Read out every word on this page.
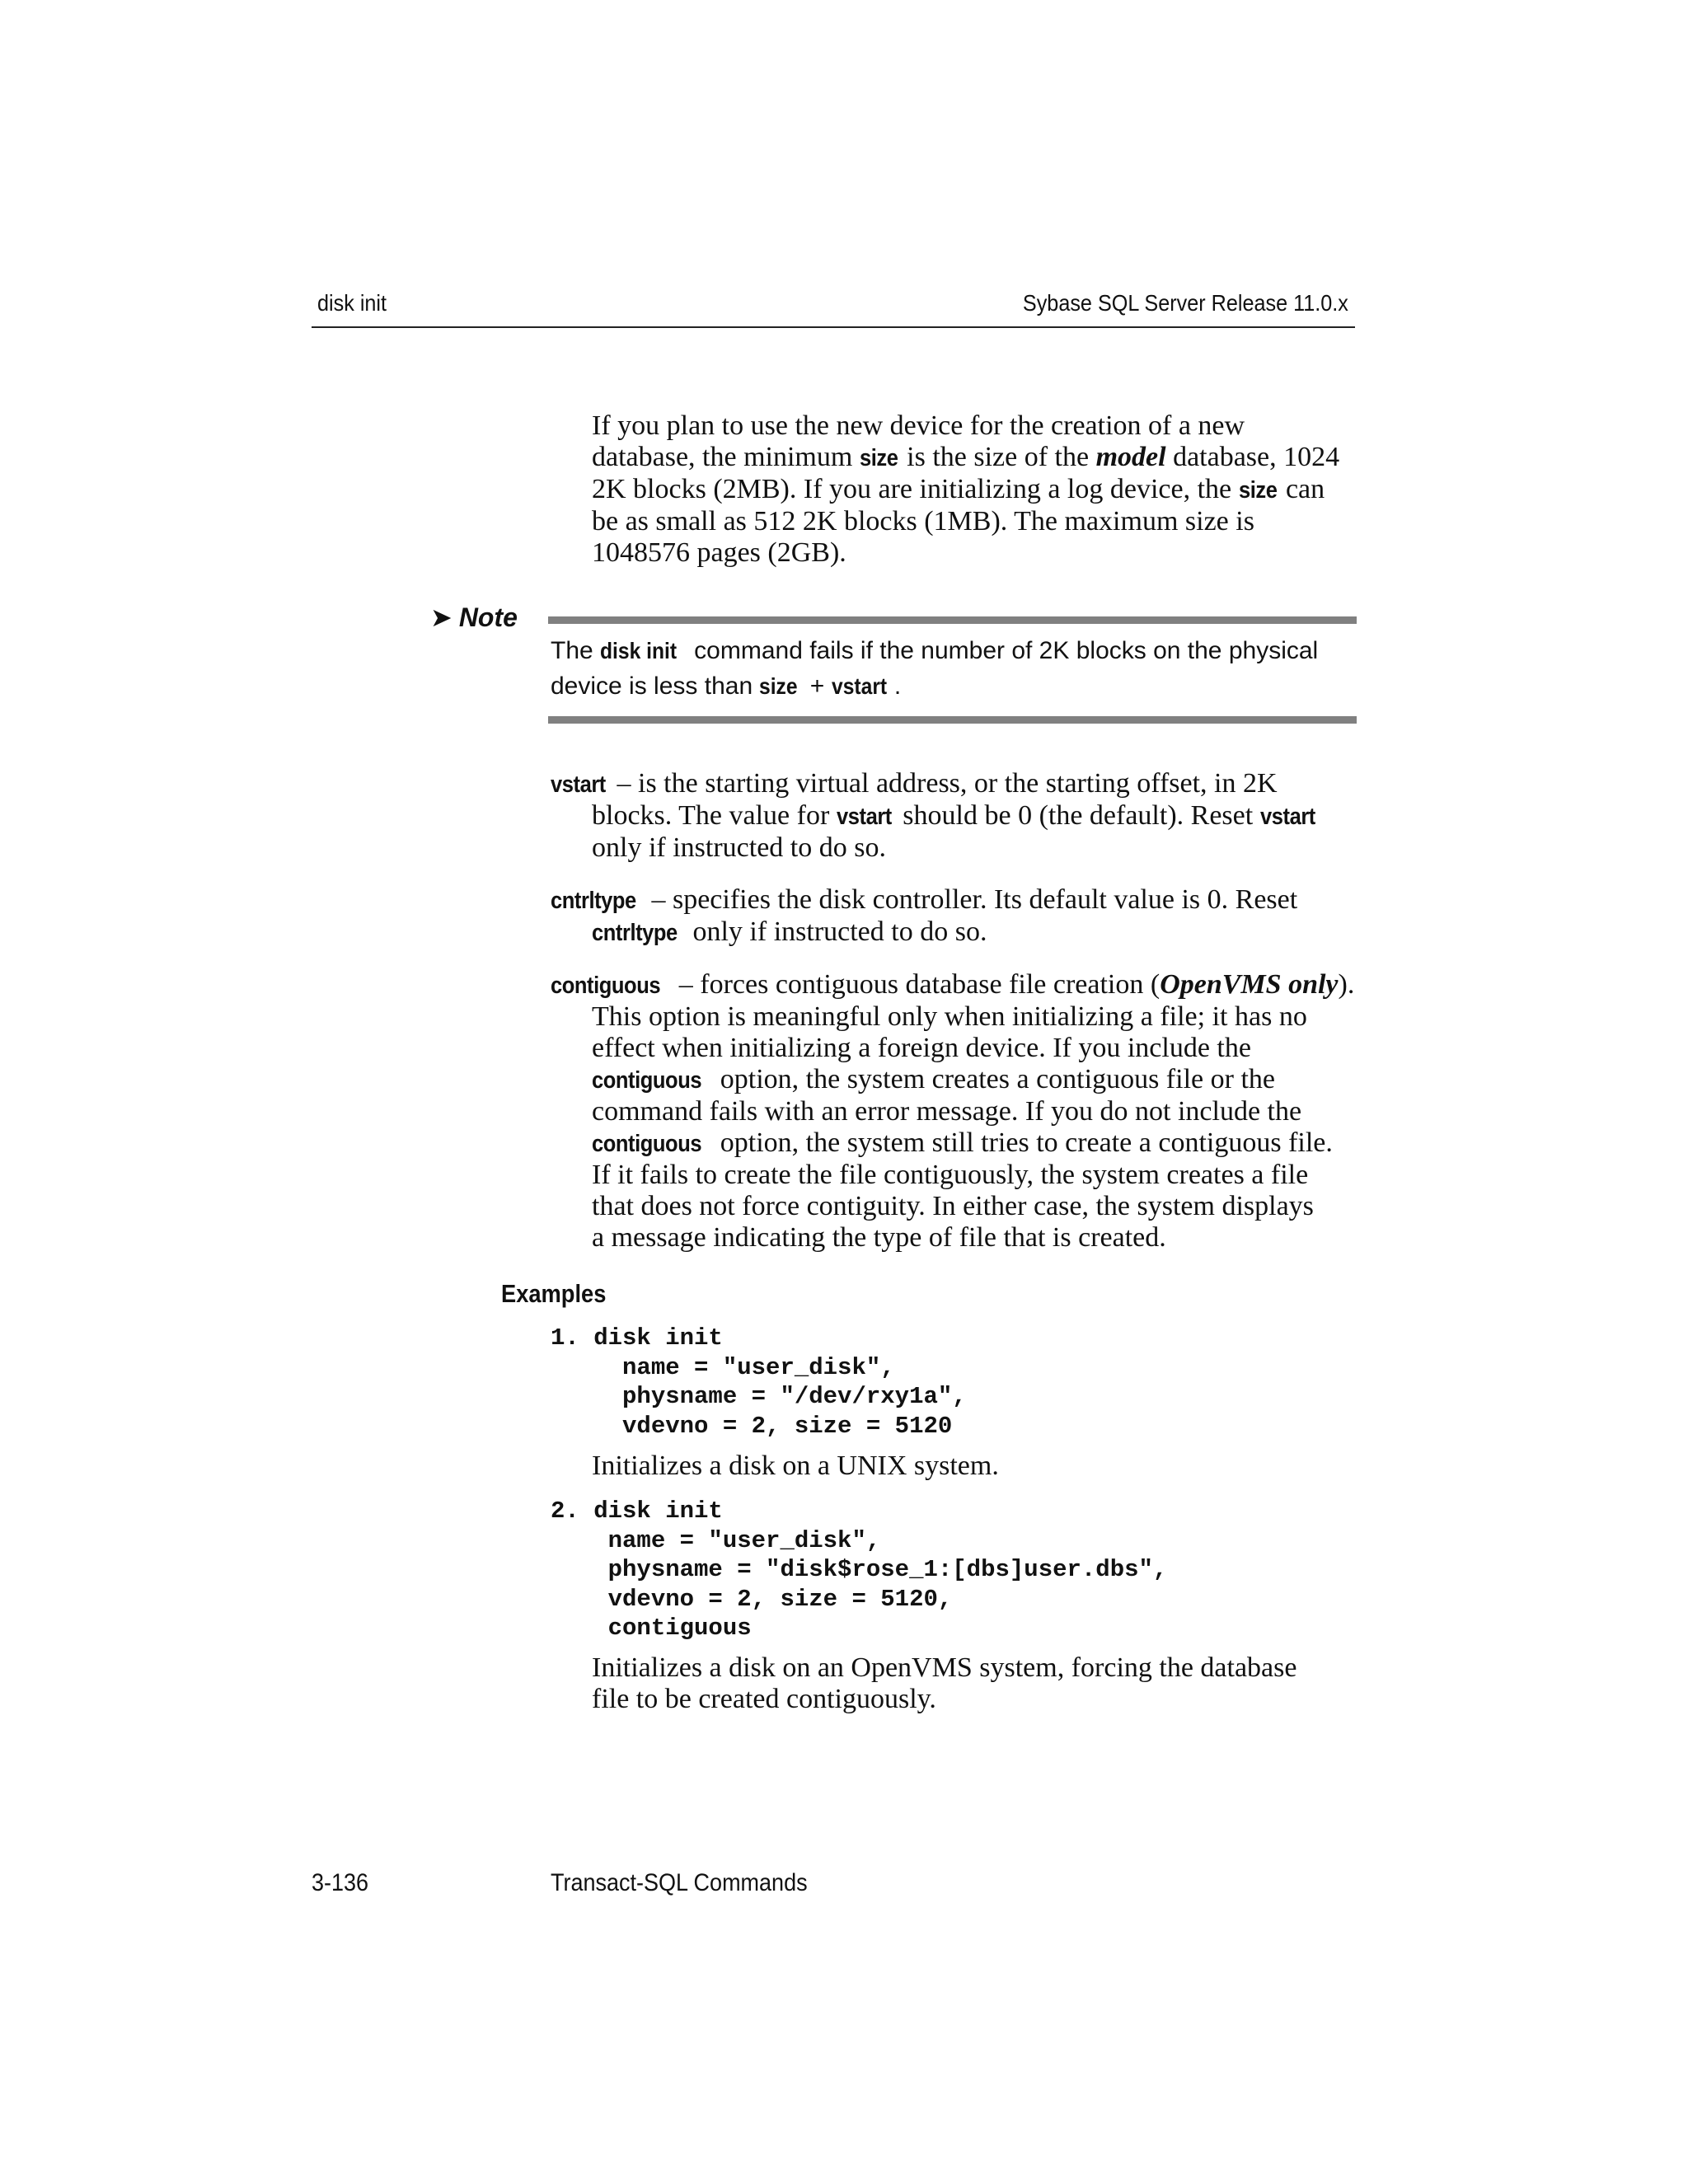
disk init	Sybase SQL Server Release 11.0.x
If you plan to use the new device for the creation of a new
database, the minimum size is the size of the model database, 1024
2K blocks (2MB). If you are initializing a log device, the size can
be as small as 512 2K blocks (1MB). The maximum size is
1048576 pages (2GB).
➤ Note
The disk init command fails if the number of 2K blocks on the physical
device is less than size + vstart .
vstart – is the starting virtual address, or the starting offset, in 2K
blocks. The value for vstart should be 0 (the default). Reset vstart
only if instructed to do so.
cntrltype – specifies the disk controller. Its default value is 0. Reset
cntrltype only if instructed to do so.
contiguous – forces contiguous database file creation (OpenVMS only).
This option is meaningful only when initializing a file; it has no
effect when initializing a foreign device. If you include the
contiguous option, the system creates a contiguous file or the
command fails with an error message. If you do not include the
contiguous option, the system still tries to create a contiguous file.
If it fails to create the file contiguously, the system creates a file
that does not force contiguity. In either case, the system displays
a message indicating the type of file that is created.
Examples
1. disk init
name = "user_disk",
physname = "/dev/rxy1a",
vdevno = 2, size = 5120
Initializes a disk on a UNIX system.
2. disk init
name = "user_disk",
physname = "disk$rose_1:[dbs]user.dbs",
vdevno = 2, size = 5120,
contiguous
Initializes a disk on an OpenVMS system, forcing the database
file to be created contiguously.
3-136	Transact-SQL Commands
